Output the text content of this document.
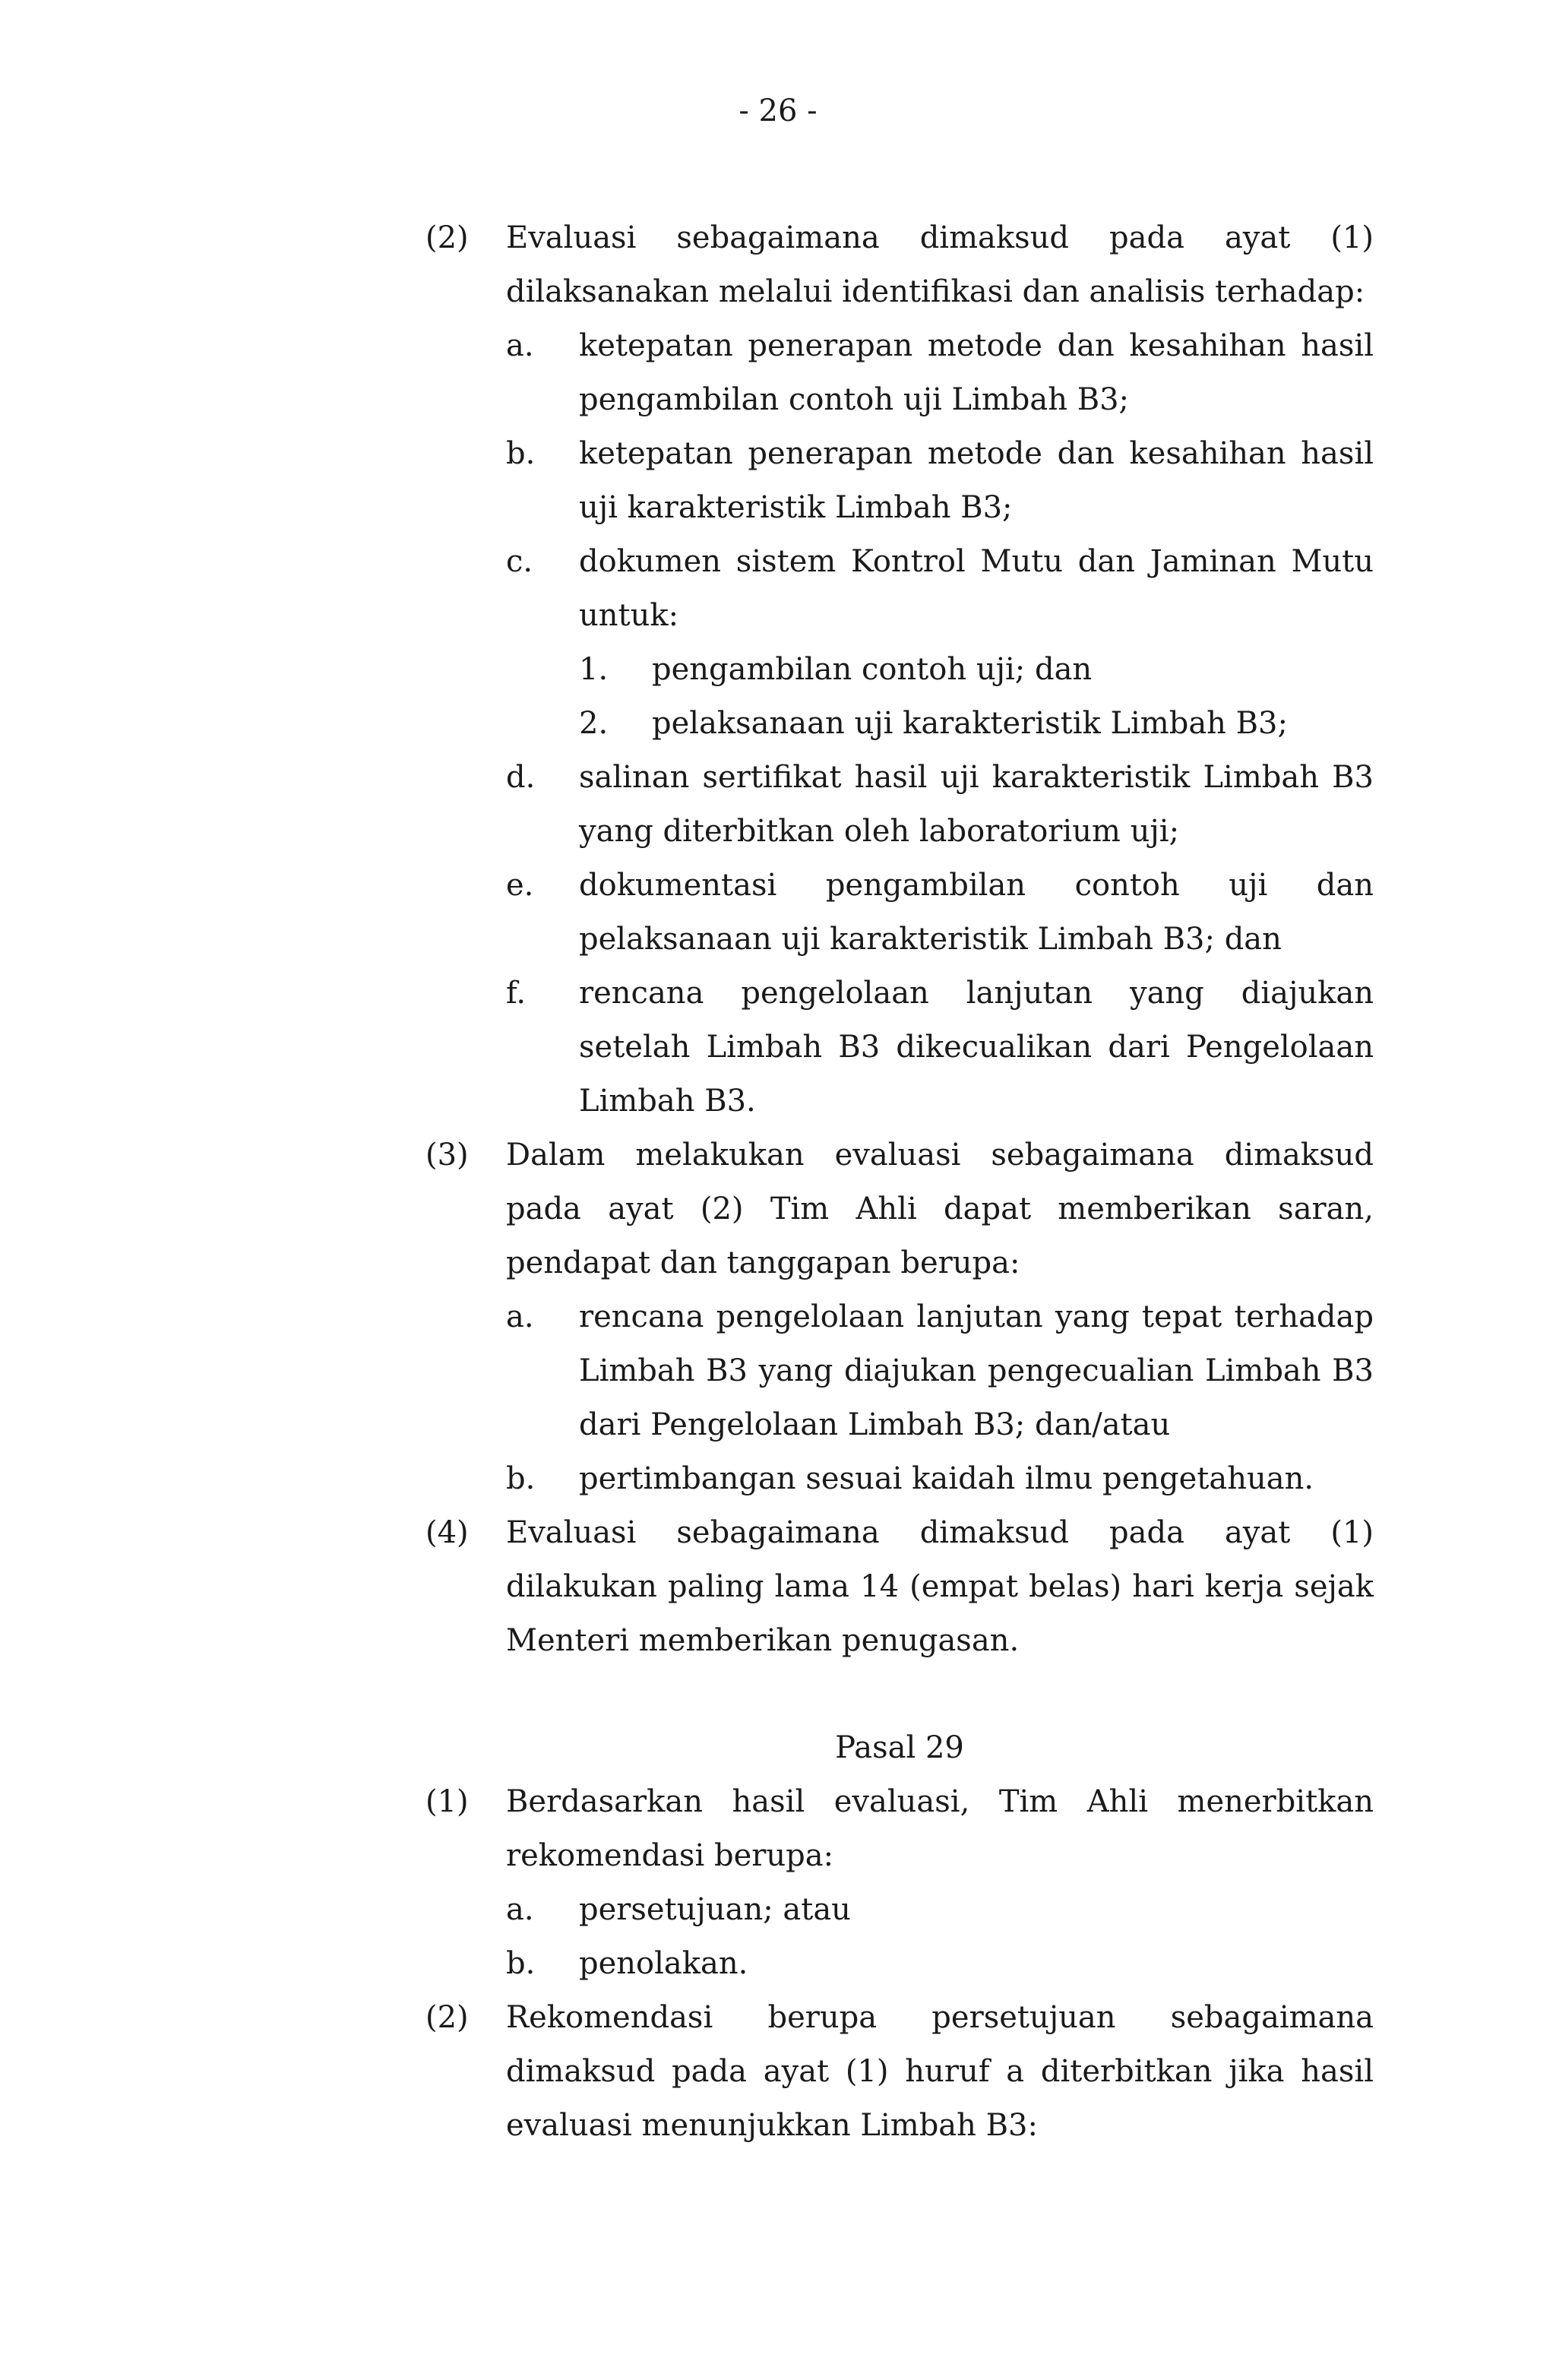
- 26 -
(2)	Evaluasi sebagaimana dimaksud pada ayat (1) dilaksanakan melalui identifikasi dan analisis terhadap:
a.	ketepatan penerapan metode dan kesahihan hasil pengambilan contoh uji Limbah B3;
b.	ketepatan penerapan metode dan kesahihan hasil uji karakteristik Limbah B3;
c.	dokumen sistem Kontrol Mutu dan Jaminan Mutu untuk:
1.	pengambilan contoh uji; dan
2.	pelaksanaan uji karakteristik Limbah B3;
d.	salinan sertifikat hasil uji karakteristik Limbah B3 yang diterbitkan oleh laboratorium uji;
e.	dokumentasi pengambilan contoh uji dan pelaksanaan uji karakteristik Limbah B3; dan
f.	rencana pengelolaan lanjutan yang diajukan setelah Limbah B3 dikecualikan dari Pengelolaan Limbah B3.
(3)	Dalam melakukan evaluasi sebagaimana dimaksud pada ayat (2) Tim Ahli dapat memberikan saran, pendapat dan tanggapan berupa:
a.	rencana pengelolaan lanjutan yang tepat terhadap Limbah B3 yang diajukan pengecualian Limbah B3 dari Pengelolaan Limbah B3; dan/atau
b.	pertimbangan sesuai kaidah ilmu pengetahuan.
(4)	Evaluasi sebagaimana dimaksud pada ayat (1) dilakukan paling lama 14 (empat belas) hari kerja sejak Menteri memberikan penugasan.
Pasal 29
(1)	Berdasarkan hasil evaluasi, Tim Ahli menerbitkan rekomendasi berupa:
a.	persetujuan; atau
b.	penolakan.
(2)	Rekomendasi berupa persetujuan sebagaimana dimaksud pada ayat (1) huruf a diterbitkan jika hasil evaluasi menunjukkan Limbah B3:
